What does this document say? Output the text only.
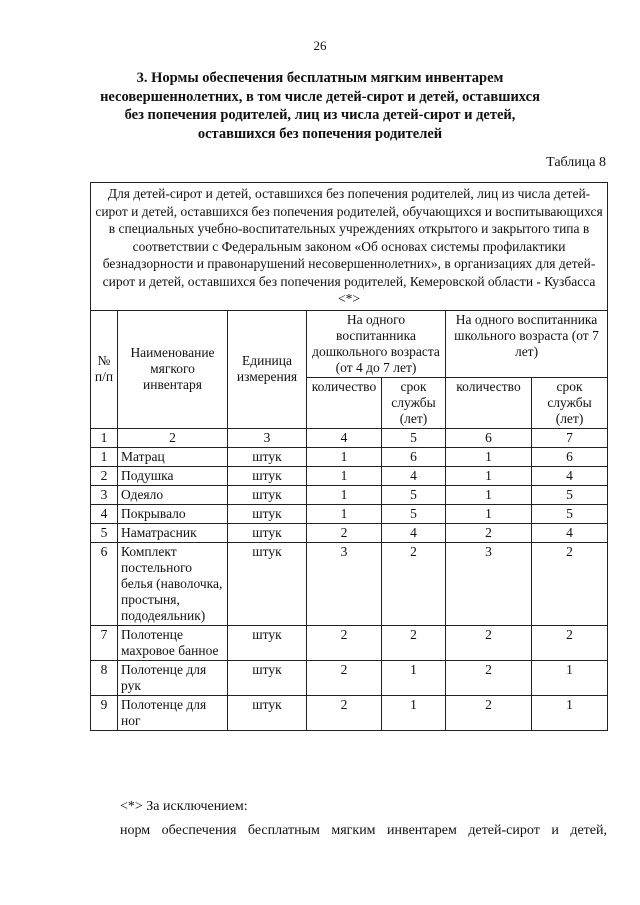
26
3. Нормы обеспечения бесплатным мягким инвентарем несовершеннолетних, в том числе детей-сирот и детей, оставшихся без попечения родителей, лиц из числа детей-сирот и детей, оставшихся без попечения родителей
Таблица 8
Для детей-сирот и детей, оставшихся без попечения родителей, лиц из числа детей-сирот и детей, оставшихся без попечения родителей, обучающихся и воспитывающихся в специальных учебно-воспитательных учреждениях открытого и закрытого типа в соответствии с Федеральным законом «Об основах системы профилактики безнадзорности и правонарушений несовершеннолетних», в организациях для детей-сирот и детей, оставшихся без попечения родителей, Кемеровской области - Кузбасса <*>						
№ п/п	Наименование мягкого инвентаря	Единица измерения	На одного воспитанника дошкольного возраста (от 4 до 7 лет)		На одного воспитанника школьного возраста (от 7 лет)	
			количество	срок службы (лет)	количество	срок службы (лет)
1	2	3	4	5	6	7
1	Матрац	штук	1	6	1	6
2	Подушка	штук	1	4	1	4
3	Одеяло	штук	1	5	1	5
4	Покрывало	штук	1	5	1	5
5	Наматрасник	штук	2	4	2	4
6	Комплект постельного белья (наволочка, простыня, пододеяльник)	штук	3	2	3	2
7	Полотенце махровое банное	штук	2	2	2	2
8	Полотенце для рук	штук	2	1	2	1
9	Полотенце для ног	штук	2	1	2	1
<*> За исключением:
норм обеспечения бесплатным мягким инвентарем детей-сирот и детей,
